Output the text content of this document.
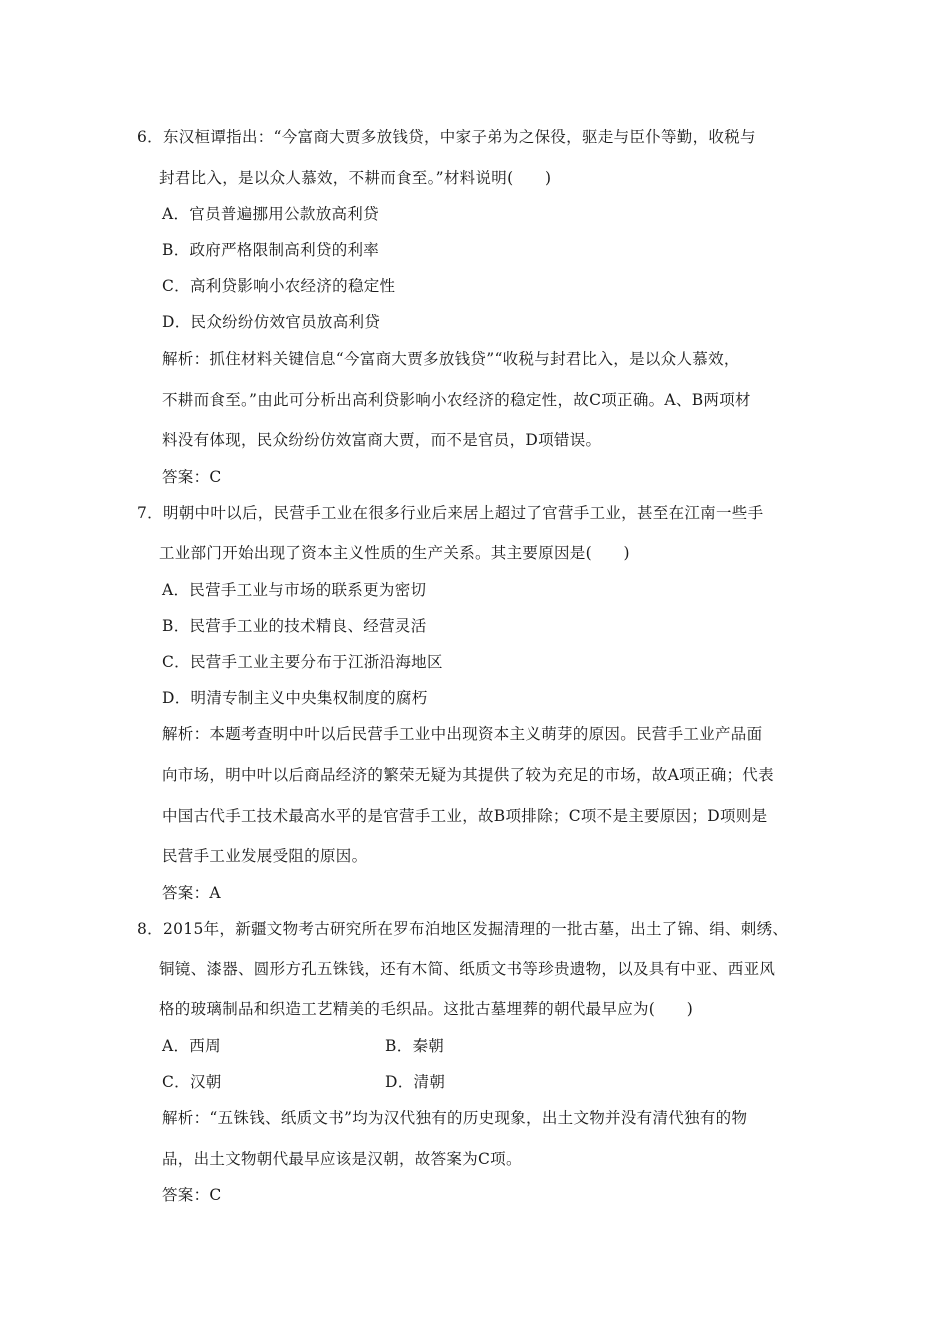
6．东汉桓谭指出：“今富商大贾多放钱贷，中家子弟为之保役，驱走与臣仆等勤，收税与
封君比入，是以众人慕效，不耕而食至。”材料说明(　　)
A．官员普遍挪用公款放高利贷
B．政府严格限制高利贷的利率
C．高利贷影响小农经济的稳定性
D．民众纷纷仿效官员放高利贷
解析：抓住材料关键信息“今富商大贾多放钱贷”“收税与封君比入，是以众人慕效，
不耕而食至。”由此可分析出高利贷影响小农经济的稳定性，故C项正确。A、B两项材
料没有体现，民众纷纷仿效富商大贾，而不是官员，D项错误。
答案：C
7．明朝中叶以后，民营手工业在很多行业后来居上超过了官营手工业，甚至在江南一些手
工业部门开始出现了资本主义性质的生产关系。其主要原因是(　　)
A．民营手工业与市场的联系更为密切
B．民营手工业的技术精良、经营灵活
C．民营手工业主要分布于江浙沿海地区
D．明清专制主义中央集权制度的腐朽
解析：本题考查明中叶以后民营手工业中出现资本主义萌芽的原因。民营手工业产品面
向市场，明中叶以后商品经济的繁荣无疑为其提供了较为充足的市场，故A项正确；代表
中国古代手工技术最高水平的是官营手工业，故B项排除；C项不是主要原因；D项则是
民营手工业发展受阻的原因。
答案：A
8．2015年，新疆文物考古研究所在罗布泊地区发掘清理的一批古墓，出土了锦、绢、刺绣、
铜镜、漆器、圆形方孔五铢钱，还有木简、纸质文书等珍贵遗物，以及具有中亚、西亚风
格的玻璃制品和织造工艺精美的毛织品。这批古墓埋葬的朝代最早应为(　　)
A．西周	B．秦朝
C．汉朝	D．清朝
解析：“五铢钱、纸质文书”均为汉代独有的历史现象，出土文物并没有清代独有的物
品，出土文物朝代最早应该是汉朝，故答案为C项。
答案：C
